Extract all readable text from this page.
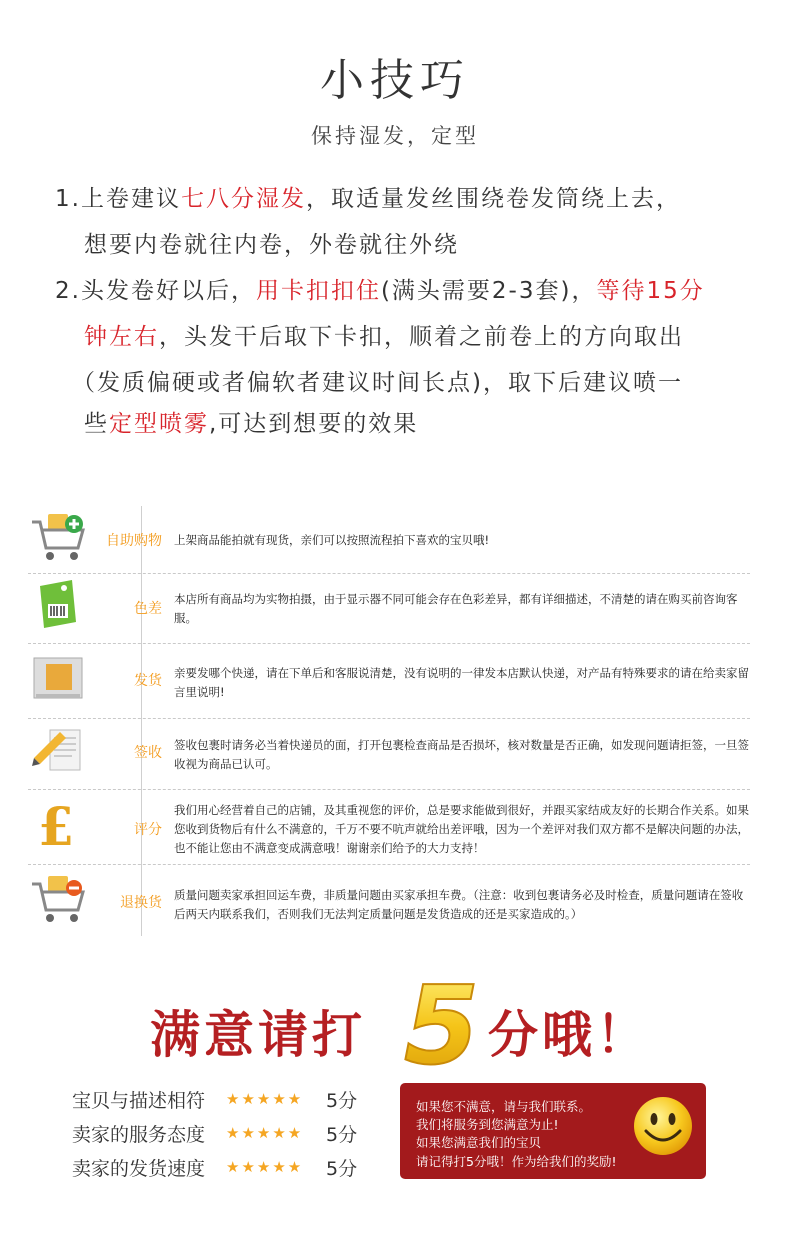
小技巧
保持湿发，定型
1.上卷建议七八分湿发，取适量发丝围绕卷发筒绕上去，
想要内卷就往内卷，外卷就往外绕
2.头发卷好以后，用卡扣扣住(满头需要2-3套)，等待15分
钟左右，头发干后取下卡扣，顺着之前卷上的方向取出
（发质偏硬或者偏软者建议时间长点)，取下后建议喷一
些定型喷雾,可达到想要的效果
自助购物 上架商品能拍就有现货，亲们可以按照流程拍下喜欢的宝贝哦!
色差
本店所有商品均为实物拍摄，由于显示器不同可能会存在色彩差异，都有详细描述，不清楚的请在购买前咨询客服。
发货 亲要发哪个快递，请在下单后和客服说清楚，没有说明的一律发本店默认快递，对产品有特殊要求的请在给卖家留言里说明!
签收 签收包裹时请务必当着快递员的面，打开包裹检查商品是否损坏，核对数量是否正确，如发现问题请拒签，一旦签收视为商品已认可。
£	评分
我们用心经营着自己的店铺，及其重视您的评价，总是要求能做到很好，并跟买家结成友好的长期合作关系。如果您收到货物后有什么不满意的，千万不要不吭声就给出差评哦，因为一个差评对我们双方都不是解决问题的办法，也不能让您由不满意变成满意哦！谢谢亲们给予的大力支持！
退换货 质量问题卖家承担回运车费，非质量问题由买家承担车费。（注意：收到包裹请务必及时检查，质量问题请在签收后两天内联系我们，否则我们无法判定质量问题是发货造成的还是买家造成的。）
满意请打 5 分哦！
宝贝与描述相符 ★★★★★ 5分
卖家的服务态度 ★★★★★ 5分
卖家的发货速度 ★★★★★ 5分
如果您不满意，请与我们联系。
我们将服务到您满意为止!
如果您满意我们的宝贝
请记得打5分哦！作为给我们的奖励!
